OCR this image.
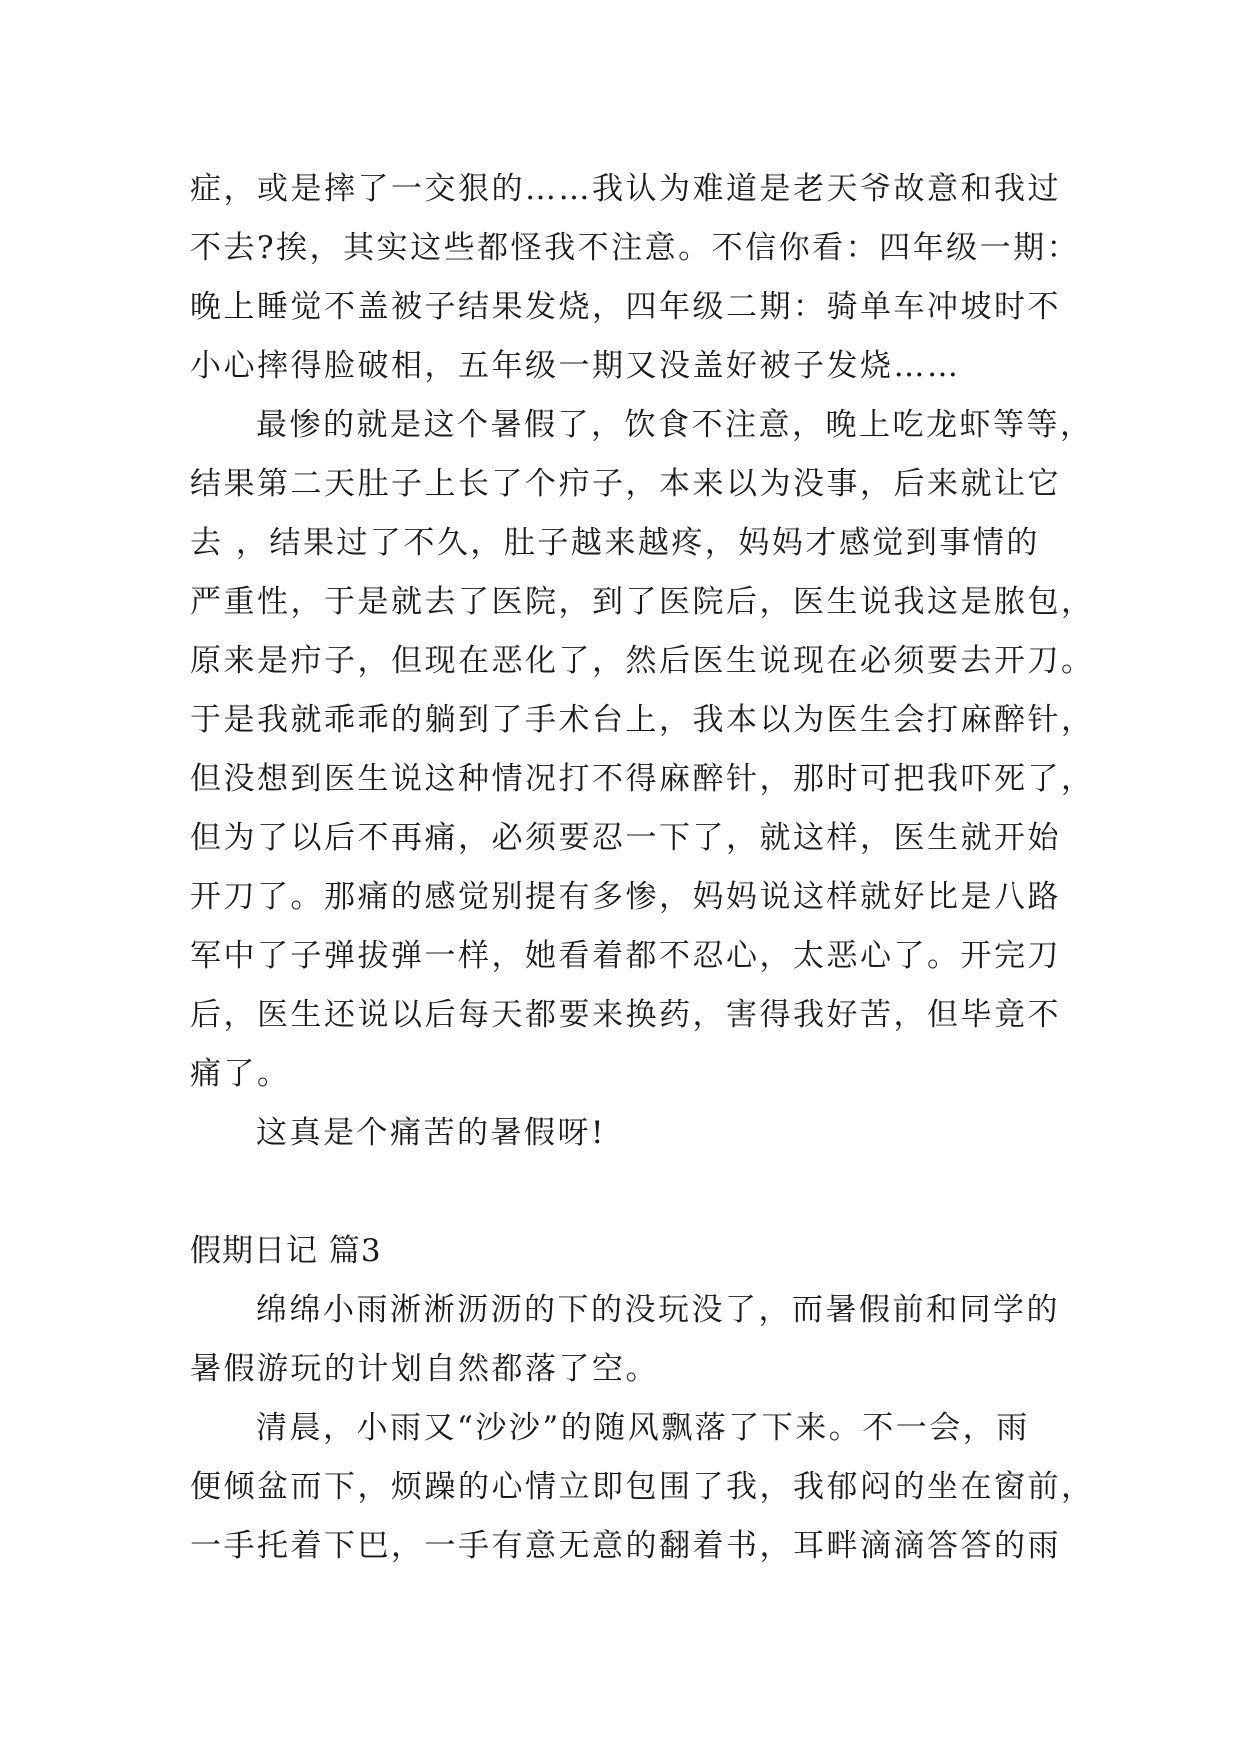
症，或是摔了一交狠的……我认为难道是老天爷故意和我过
不去?挨，其实这些都怪我不注意。不信你看：四年级一期：
晚上睡觉不盖被子结果发烧，四年级二期：骑单车冲坡时不
小心摔得脸破相，五年级一期又没盖好被子发烧……
最惨的就是这个暑假了，饮食不注意，晚上吃龙虾等等，
结果第二天肚子上长了个疖子，本来以为没事，后来就让它
去 ，结果过了不久，肚子越来越疼，妈妈才感觉到事情的
严重性，于是就去了医院，到了医院后，医生说我这是脓包，
原来是疖子，但现在恶化了，然后医生说现在必须要去开刀。
于是我就乖乖的躺到了手术台上，我本以为医生会打麻醉针，
但没想到医生说这种情况打不得麻醉针，那时可把我吓死了，
但为了以后不再痛，必须要忍一下了，就这样，医生就开始
开刀了。那痛的感觉别提有多惨，妈妈说这样就好比是八路
军中了子弹拔弹一样，她看着都不忍心，太恶心了。开完刀
后，医生还说以后每天都要来换药，害得我好苦，但毕竟不
痛了。
这真是个痛苦的暑假呀!
假期日记 篇3
绵绵小雨淅淅沥沥的下的没玩没了，而暑假前和同学的
暑假游玩的计划自然都落了空。
清晨，小雨又“沙沙”的随风飘落了下来。不一会，雨
便倾盆而下，烦躁的心情立即包围了我，我郁闷的坐在窗前，
一手托着下巴，一手有意无意的翻着书，耳畔滴滴答答的雨
